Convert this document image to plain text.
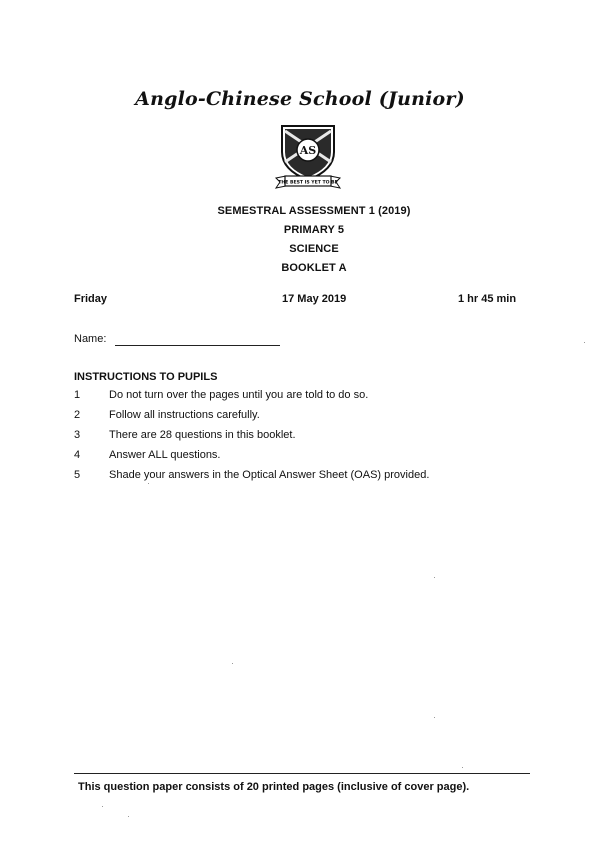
Anglo-Chinese School (Junior)
AS
THE BEST IS YET TO BE
SEMESTRAL ASSESSMENT 1 (2019)
PRIMARY 5
SCIENCE
BOOKLET A
Friday	17 May 2019	1 hr 45 min
Name:
INSTRUCTIONS TO PUPILS
1	Do not turn over the pages until you are told to do so.
2	Follow all instructions carefully.
3	There are 28 questions in this booklet.
4	Answer ALL questions.
5	Shade your answers in the Optical Answer Sheet (OAS) provided.
This question paper consists of 20 printed pages (inclusive of cover page).
